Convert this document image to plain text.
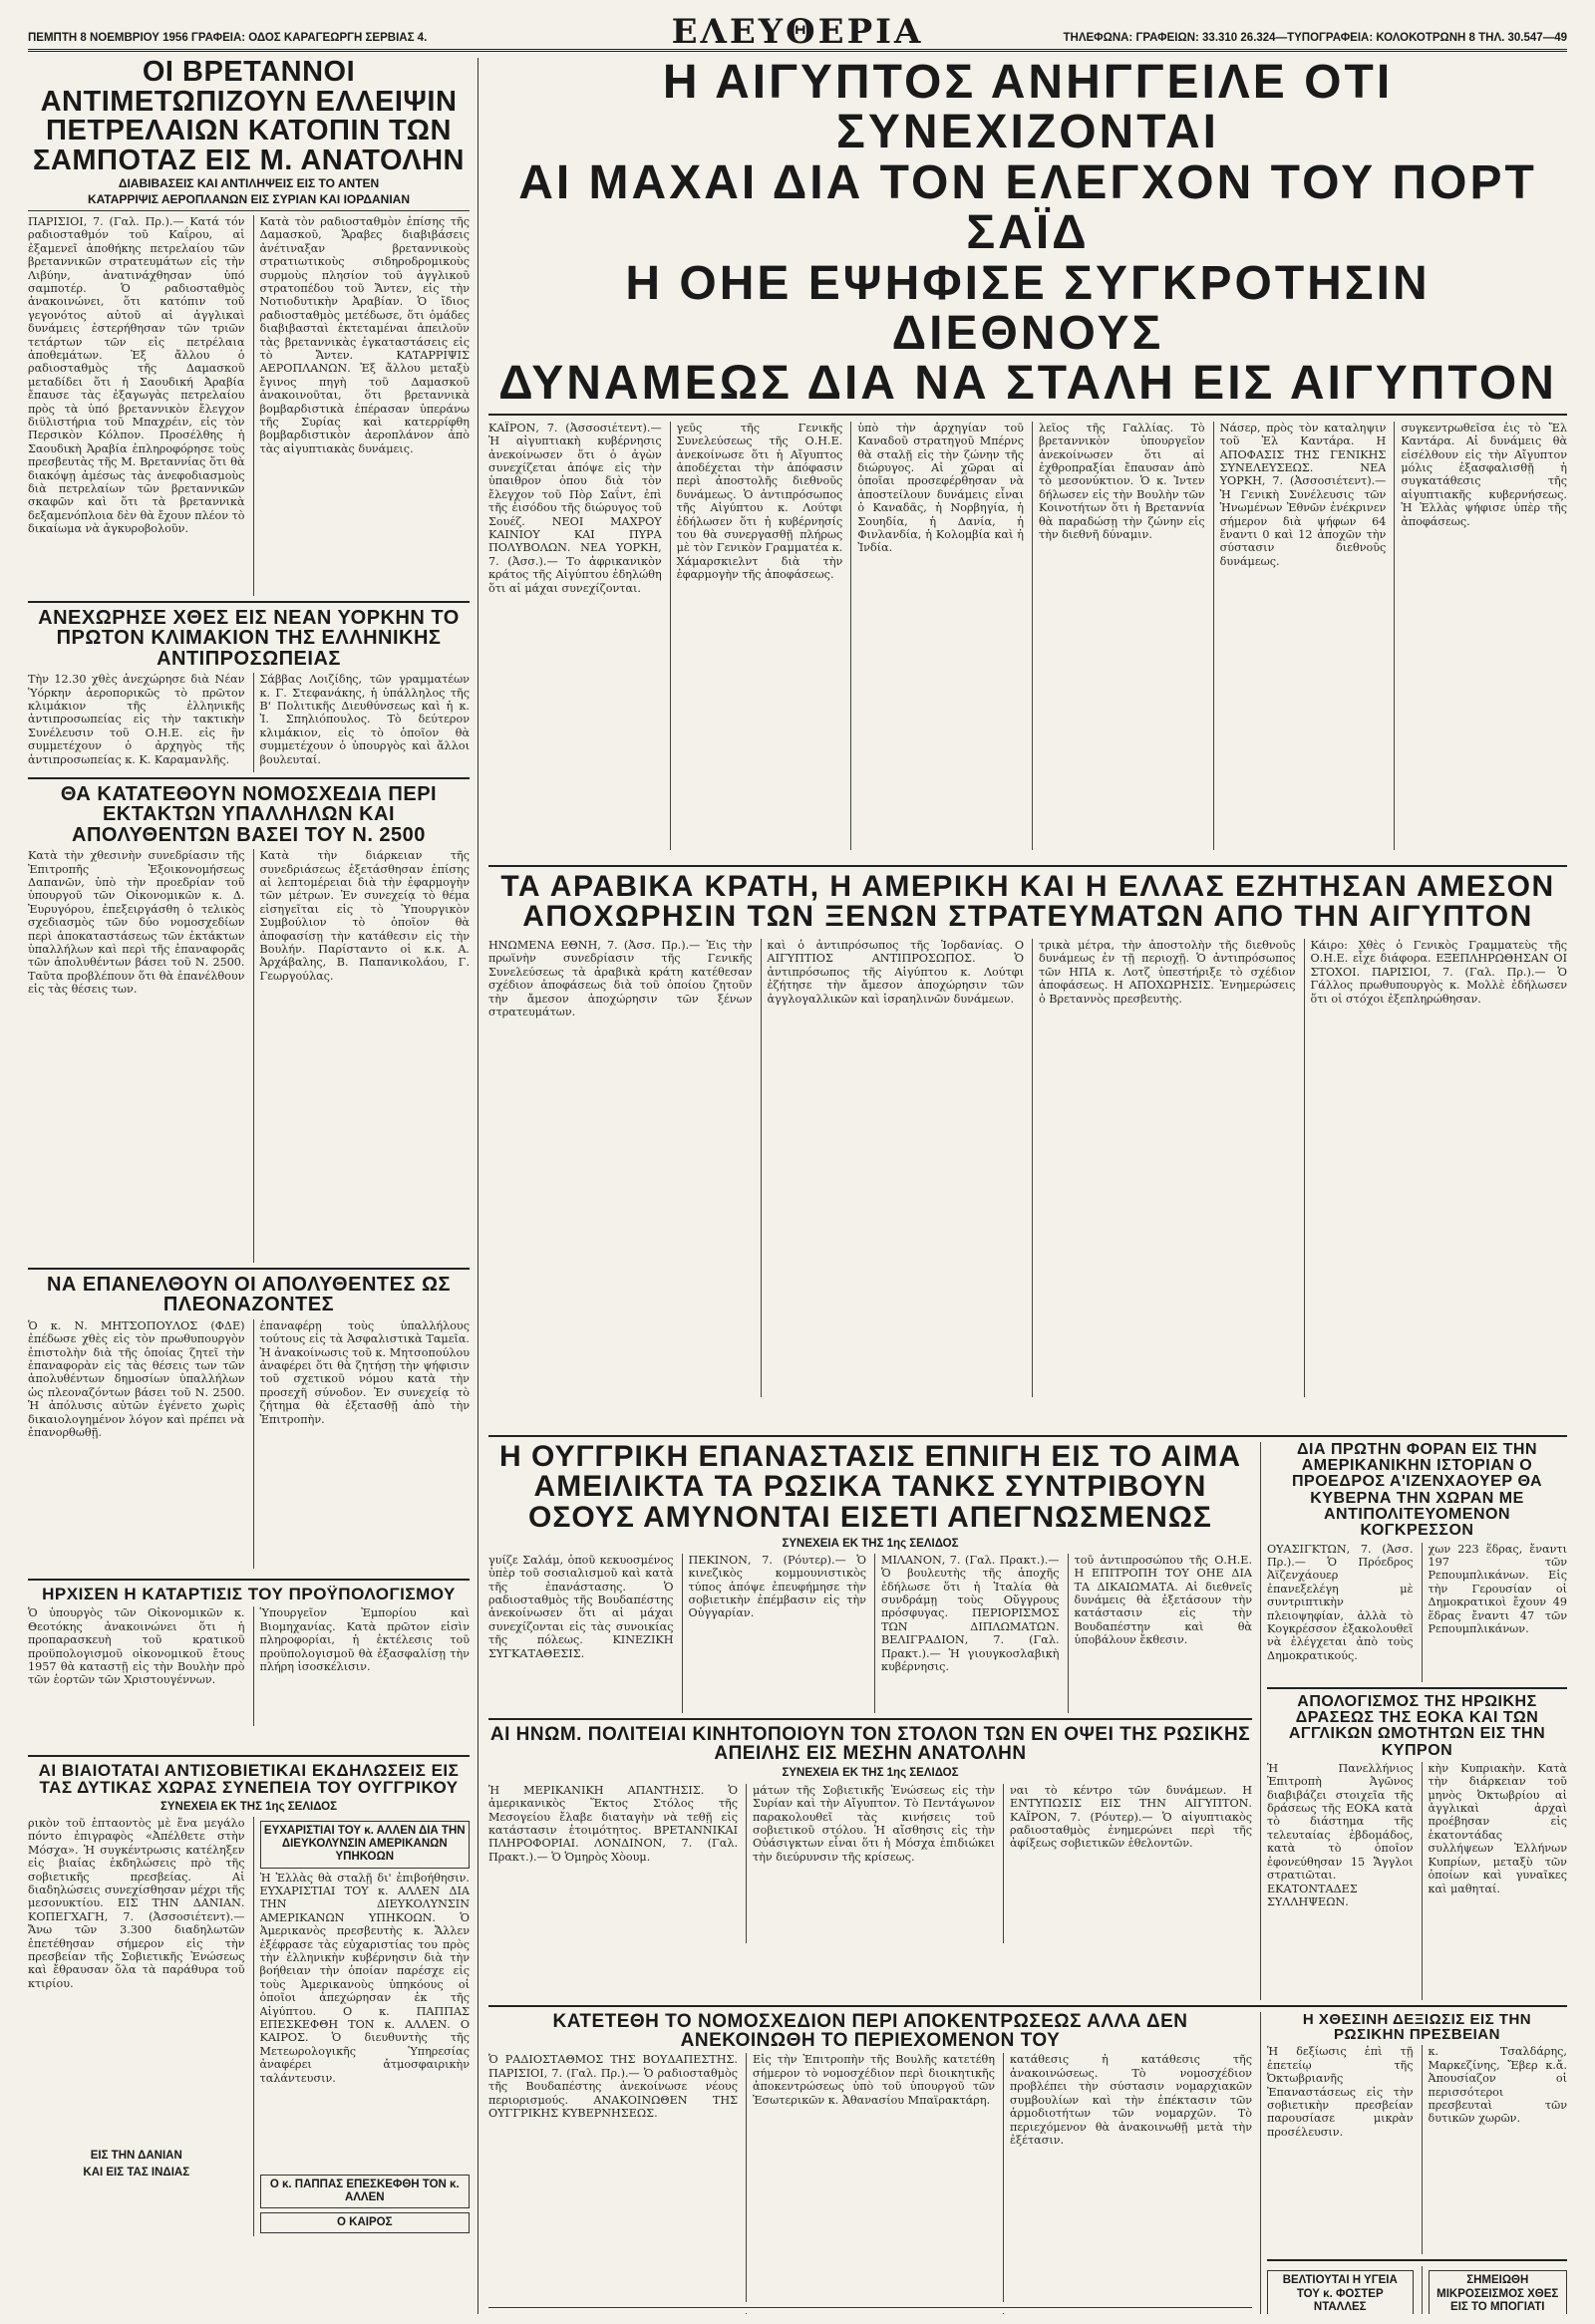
ΠΕΜΠΤΗ 8 ΝΟΕΜΒΡΙΟΥ 1956 ΓΡΑΦΕΙΑ: ΟΔΟΣ ΚΑΡΑΓΕΩΡΓΗ ΣΕΡΒΙΑΣ 4.	ΕΛΕΥΘΕΡΙΑ	ΤΗΛΕΦΩΝΑ: ΓΡΑΦΕΙΩΝ: 33.310 26.324—ΤΥΠΟΓΡΑΦΕΙΑ: ΚΟΛΟΚΟΤΡΩΝΗ 8 ΤΗΛ. 30.547—49
ΟΙ ΒΡΕΤΑΝΝΟΙ ΑΝΤΙΜΕΤΩΠΙΖΟΥΝ ΕΛΛΕΙΨΙΝ ΠΕΤΡΕΛΑΙΩΝ ΚΑΤΟΠΙΝ ΤΩΝ ΣΑΜΠΟΤΑΖ ΕΙΣ Μ. ΑΝΑΤΟΛΗΝ
ΔΙΑΒΙΒΑΣΕΙΣ ΚΑΙ ΑΝΤΙΛΗΨΕΙΣ ΕΙΣ ΤΟ ΑΝΤΕΝ
ΚΑΤΑΡΡΙΨΙΣ ΑΕΡΟΠΛΑΝΩΝ ΕΙΣ ΣΥΡΙΑΝ ΚΑΙ ΙΟΡΔΑΝΙΑΝ
ΠΑΡΙΣΙΟΙ, 7. (Γαλ. Πρ.).— Κατά τόν ραδιοσταθμόν τοῦ Καΐρου, αἱ ἐξαμενεῖ ἀποθήκης πετρελαίου τῶν βρεταννικῶν στρατευμάτων εἰς τὴν Λιβύην, ἀνατινάχθησαν ὑπό σαμποτέρ. Ὁ ραδιοσταθμὸς ἀνακοινώνει, ὅτι κατόπιν τοῦ γεγονότος αὐτοῦ αἱ ἀγγλικαὶ δυνάμεις ἐστερήθησαν τῶν τριῶν τετάρτων τῶν εἰς πετρέλαια ἀποθεμάτων. Ἐξ ἄλλου ὁ ραδιοσταθμὸς τῆς Δαμασκοῦ μεταδίδει ὅτι ἡ Σαουδική Ἀραβία ἔπαυσε τὰς ἐξαγωγὰς πετρελαίου πρὸς τὰ ὑπό βρεταννικὸν ἔλεγχον διϋλιστήρια τοῦ Μπαχρέιν, εἰς τὸν Περσικὸν Κόλπον. Προσέλθης ἡ Σαουδικὴ Ἀραβία ἐπληροφόρησε τοὺς πρεσβευτὰς τῆς Μ. Βρεταννίας ὅτι θὰ διακόψῃ ἀμέσως τὰς ἀνεφοδιασμοὺς διὰ πετρελαίων τῶν βρεταννικῶν σκαφῶν καὶ ὅτι τὰ βρεταννικὰ δεξαμενόπλοια δὲν θὰ ἔχουν πλέον τὸ δικαίωμα νὰ ἀγκυροβολοῦν.
Κατὰ τὸν ραδιοσταθμὸν ἐπίσης τῆς Δαμασκοῦ, Ἄραβες διαβιβάσεις ἀνέτιναξαν βρεταννικοὺς στρατιωτικοὺς σιδηροδρομικοὺς συρμοὺς πλησίον τοῦ ἀγγλικοῦ στρατοπέδου τοῦ Ἄντεν, εἰς τὴν Νοτιοδυτικὴν Ἀραβίαν. Ὁ ἴδιος ραδιοσταθμὸς μετέδωσε, ὅτι ὁμάδες διαβιβασταὶ ἐκτεταμέναι ἀπειλοῦν τὰς βρεταννικὰς ἐγκαταστάσεις εἰς τὸ Ἄντεν. ΚΑΤΑΡΡΙΨΙΣ ΑΕΡΟΠΛΑΝΩΝ. Ἐξ ἄλλου μεταξὺ ἔγινος πηγὴ τοῦ Δαμασκοῦ ἀνακοινοῦται, ὅτι βρεταννικὰ βομβαρδιστικὰ ἐπέρασαν ὑπεράνω τῆς Συρίας καὶ κατερρίφθη βομβαρδιστικὸν ἀεροπλάνον ἀπὸ τὰς αἰγυπτιακὰς δυνάμεις.
ΑΝΕΧΩΡΗΣΕ ΧΘΕΣ ΕΙΣ ΝΕΑΝ ΥΟΡΚΗΝ ΤΟ ΠΡΩΤΟΝ ΚΛΙΜΑΚΙΟΝ ΤΗΣ ΕΛΛΗΝΙΚΗΣ ΑΝΤΙΠΡΟΣΩΠΕΙΑΣ
Τὴν 12.30 χθὲς ἀνεχώρησε διὰ Νέαν Ὑόρκην ἀεροπορικῶς τὸ πρῶτον κλιμάκιον τῆς ἑλληνικῆς ἀντιπροσωπείας εἰς τὴν τακτικὴν Συνέλευσιν τοῦ Ο.Η.Ε. εἰς ἣν συμμετέχουν ὁ ἀρχηγὸς τῆς ἀντιπροσωπείας κ. Κ. Καραμανλῆς.
Σάββας Λοιζίδης, τῶν γραμματέων κ. Γ. Στεφανάκης, ἡ ὑπάλληλος τῆς Β' Πολιτικῆς Διευθύνσεως καὶ ἡ κ. Ἰ. Σπηλιόπουλος. Τὸ δεύτερον κλιμάκιον, εἰς τὸ ὁποῖον θὰ συμμετέχουν ὁ ὑπουργὸς καὶ ἄλλοι βουλευταί.
ΘΑ ΚΑΤΑΤΕΘΟΥΝ ΝΟΜΟΣΧΕΔΙΑ ΠΕΡΙ ΕΚΤΑΚΤΩΝ ΥΠΑΛΛΗΛΩΝ ΚΑΙ ΑΠΟΛΥΘΕΝΤΩΝ ΒΑΣΕΙ ΤΟΥ Ν. 2500
Κατὰ τὴν χθεσινὴν συνεδρίασιν τῆς Ἐπιτροπῆς Ἐξοικονομήσεως Δαπανῶν, ὑπὸ τὴν προεδρίαν τοῦ ὑπουργοῦ τῶν Οἰκονομικῶν κ. Δ. Ἐυρυγόρου, ἐπεξειργάσθη ὁ τελικὸς σχεδιασμὸς τῶν δύο νομοσχεδίων περὶ ἀποκαταστάσεως τῶν ἐκτάκτων ὑπαλλήλων καὶ περὶ τῆς ἐπαναφορᾶς τῶν ἀπολυθέντων βάσει τοῦ Ν. 2500. Ταῦτα προβλέπουν ὅτι θὰ ἐπανέλθουν εἰς τὰς θέσεις των.
Κατὰ τὴν διάρκειαν τῆς συνεδριάσεως ἐξετάσθησαν ἐπίσης αἱ λεπτομέρειαι διὰ τὴν ἐφαρμογὴν τῶν μέτρων. Ἐν συνεχείᾳ τὸ θέμα εἰσηγεῖται εἰς τὸ Ὑπουργικὸν Συμβούλιον τὸ ὁποῖον θὰ ἀποφασίσῃ τὴν κατάθεσιν εἰς τὴν Βουλήν. Παρίσταντο οἱ κ.κ. Α. Ἀρχάβαλης, Β. Παπανικολάου, Γ. Γεωργούλας.
ΝΑ ΕΠΑΝΕΛΘΟΥΝ ΟΙ ΑΠΟΛΥΘΕΝΤΕΣ ΩΣ ΠΛΕΟΝΑΖΟΝΤΕΣ
Ὁ κ. Ν. ΜΗΤΣΟΠΟΥΛΟΣ (ΦΔΕ) ἐπέδωσε χθὲς εἰς τὸν πρωθυπουργὸν ἐπιστολὴν διὰ τῆς ὁποίας ζητεῖ τὴν ἐπαναφορὰν εἰς τὰς θέσεις των τῶν ἀπολυθέντων δημοσίων ὑπαλλήλων ὡς πλεοναζόντων βάσει τοῦ Ν. 2500. Ἡ ἀπόλυσις αὐτῶν ἐγένετο χωρὶς δικαιολογημένον λόγον καὶ πρέπει νὰ ἐπανορθωθῇ.
ἐπαναφέρῃ τοὺς ὑπαλλήλους τούτους εἰς τὰ Ἀσφαλιστικὰ Ταμεῖα. Ἡ ἀνακοίνωσις τοῦ κ. Μητσοπούλου ἀναφέρει ὅτι θὰ ζητήσῃ τὴν ψήφισιν τοῦ σχετικοῦ νόμου κατὰ τὴν προσεχῆ σύνοδον. Ἐν συνεχείᾳ τὸ ζήτημα θὰ ἐξετασθῇ ἀπὸ τὴν Ἐπιτροπὴν.
ΗΡΧΙΣΕΝ Η ΚΑΤΑΡΤΙΣΙΣ ΤΟΥ ΠΡΟΫΠΟΛΟΓΙΣΜΟΥ
Ὁ ὑπουργὸς τῶν Οἰκονομικῶν κ. Θεοτόκης ἀνακοινώνει ὅτι ἡ προπαρασκευὴ τοῦ κρατικοῦ προϋπολογισμοῦ οἰκονομικοῦ ἔτους 1957 θὰ καταστῇ εἰς τὴν Βουλὴν πρὸ τῶν ἑορτῶν τῶν Χριστουγέννων.
Ὑπουργεῖον Ἐμπορίου καὶ Βιομηχανίας. Κατὰ πρῶτον εἰσὶν πληροφορίαι, ἡ ἐκτέλεσις τοῦ προϋπολογισμοῦ θὰ ἐξασφαλίσῃ τὴν πλήρη ἰσοσκέλισιν.
ΑΙ ΒΙΑΙΟΤΑΤΑΙ ΑΝΤΙΣΟΒΙΕΤΙΚΑΙ ΕΚΔΗΛΩΣΕΙΣ ΕΙΣ ΤΑΣ ΔΥΤΙΚΑΣ ΧΩΡΑΣ ΣΥΝΕΠΕΙΑ ΤΟΥ ΟΥΓΓΡΙΚΟΥ
ΣΥΝΕΧΕΙΑ ΕΚ ΤΗΣ 1ης ΣΕΛΙΔΟΣ
ρικὸν τοῦ ἑπταοντὸς μὲ ἕνα μεγάλο πόντο ἐπιγραφὸς «Ἀπέλθετε στὴν Μόσχα». Ἡ συγκέντρωσις κατέληξεν εἰς βιαίας ἐκδηλώσεις πρὸ τῆς σοβιετικῆς πρεσβείας. Αἱ διαδηλώσεις συνεχίσθησαν μέχρι τῆς μεσονυκτίου. ΕΙΣ ΤΗΝ ΔΑΝΙΑΝ. ΚΟΠΕΓΧΑΓΗ, 7. (Ἀσσοσιέτεντ).— Ἄνω τῶν 3.300 διαδηλωτῶν ἐπετέθησαν σήμερον εἰς τὴν πρεσβείαν τῆς Σοβιετικῆς Ἑνώσεως καὶ ἔθραυσαν ὅλα τὰ παράθυρα τοῦ κτιρίου.
ΕΙΣ ΤΗΝ ΔΑΝΙΑΝ
ΚΑΙ ΕΙΣ ΤΑΣ ΙΝΔΙΑΣ
ΕΥΧΑΡΙΣΤΙΑΙ ΤΟΥ κ. ΑΛΛΕΝ ΔΙΑ ΤΗΝ ΔΙΕΥΚΟΛΥΝΣΙΝ ΑΜΕΡΙΚΑΝΩΝ ΥΠΗΚΟΩΝ
Ἡ Ἑλλὰς θὰ σταλῇ δι' ἐπιβοήθησιν. ΕΥΧΑΡΙΣΤΙΑΙ ΤΟΥ κ. ΑΛΛΕΝ ΔΙΑ ΤΗΝ ΔΙΕΥΚΟΛΥΝΣΙΝ ΑΜΕΡΙΚΑΝΩΝ ΥΠΗΚΟΩΝ. Ὁ Ἀμερικανὸς πρεσβευτὴς κ. Ἄλλεν ἐξέφρασε τὰς εὐχαριστίας του πρὸς τὴν ἑλληνικὴν κυβέρνησιν διὰ τὴν βοήθειαν τὴν ὁποίαν παρέσχε εἰς τοὺς Ἀμερικανοὺς ὑπηκόους οἱ ὁποῖοι ἀπεχώρησαν ἐκ τῆς Αἰγύπτου. Ο κ. ΠΑΠΠΑΣ ΕΠΕΣΚΕΦΘΗ ΤΟΝ κ. ΑΛΛΕΝ. Ο ΚΑΙΡΟΣ. Ὁ διευθυντὴς τῆς Μετεωρολογικῆς Ὑπηρεσίας ἀναφέρει ἀτμοσφαιρικὴν ταλάντευσιν.
Ο κ. ΠΑΠΠΑΣ ΕΠΕΣΚΕΦΘΗ ΤΟΝ κ. ΑΛΛΕΝ
Ο ΚΑΙΡΟΣ
Η ΑΙΓΥΠΤΟΣ ΑΝΗΓΓΕΙΛΕ ΟΤΙ ΣΥΝΕΧΙΖΟΝΤΑΙ
ΑΙ ΜΑΧΑΙ ΔΙΑ ΤΟΝ ΕΛΕΓΧΟΝ ΤΟΥ ΠΟΡΤ ΣΑΪΔ
Η ΟΗΕ ΕΨΗΦΙΣΕ ΣΥΓΚΡΟΤΗΣΙΝ ΔΙΕΘΝΟΥΣ
ΔΥΝΑΜΕΩΣ ΔΙΑ ΝΑ ΣΤΑΛΗ ΕΙΣ ΑΙΓΥΠΤΟΝ
ΚΑΪΡΟΝ, 7. (Ἀσσοσιέτεντ).— Ἡ αἰγυπτιακὴ κυβέρνησις ἀνεκοίνωσεν ὅτι ὁ ἀγὼν συνεχίζεται ἀπόψε εἰς τὴν ὑπαιθρον ὁπου διὰ τὸν ἔλεγχον τοῦ Πὸρ Σαΐντ, ἐπὶ τῆς ἐισόδου τῆς διώρυγος τοῦ Σουέζ. ΝΕΟΙ ΜΑΧΡΟΥ ΚΑΙΝΙΟΥ ΚΑΙ ΠΥΡΑ ΠΟΛΥΒΟΛΩΝ. ΝΕΑ ΥΟΡΚΗ, 7. (Ἀσσ.).— Το ἀφρικανικὸν κράτος τῆς Αἰγύπτου ἐδηλώθη ὅτι αἱ μάχαι συνεχίζονται.
γεῦς τῆς Γενικῆς Συνελεύσεως τῆς Ο.Η.Ε. ἀνεκοίνωσε ὅτι ἡ Αἴγυπτος ἀποδέχεται τὴν ἀπόφασιν περὶ ἀποστολῆς διεθνοῦς δυνάμεως. Ὁ ἀντιπρόσωπος τῆς Αἰγύπτου κ. Λούτφι ἐδήλωσεν ὅτι ἡ κυβέρνησίς του θὰ συνεργασθῇ πλήρως μὲ τὸν Γενικὸν Γραμματέα κ. Χάμαρσκιελντ διὰ τὴν ἐφαρμογὴν τῆς ἀποφάσεως.
ὑπὸ τὴν ἀρχηγίαν τοῦ Καναδοῦ στρατηγοῦ Μπέρνς θὰ σταλῇ εἰς τὴν ζώνην τῆς διώρυγος. Αἱ χῶραι αἱ ὁποῖαι προσεφέρθησαν νὰ ἀποστείλουν δυνάμεις εἶναι ὁ Καναδᾶς, ἡ Νορβηγία, ἡ Σουηδία, ἡ Δανία, ἡ Φινλανδία, ἡ Κολομβία καὶ ἡ Ἰνδία.
λεῖος τῆς Γαλλίας. Τὸ βρεταννικὸν ὑπουργεῖον ἀνεκοίνωσεν ὅτι αἱ ἐχθροπραξίαι ἔπαυσαν ἀπὸ τὸ μεσονύκτιον. Ὁ κ. Ἰντεν δήλωσεν εἰς τὴν Βουλὴν τῶν Κοινοτήτων ὅτι ἡ Βρεταννία θὰ παραδώσῃ τὴν ζώνην εἰς τὴν διεθνῆ δύναμιν.
Νάσερ, πρὸς τὸν καταληψιν τοῦ Ἑλ Καντάρα. Η ΑΠΟΦΑΣΙΣ ΤΗΣ ΓΕΝΙΚΗΣ ΣΥΝΕΛΕΥΣΕΩΣ. ΝΕΑ ΥΟΡΚΗ, 7. (Ἀσσοσιέτεντ).— Ἡ Γενικὴ Συνέλευσις τῶν Ἡνωμένων Ἐθνῶν ἐνέκρινεν σήμερον διὰ ψήφων 64 ἔναντι 0 καὶ 12 ἀποχῶν τὴν σύστασιν διεθνοῦς δυνάμεως.
συγκεντρωθεῖσα ἐις τὸ Ἔλ Καντάρα. Αἱ δυνάμεις θὰ εἰσέλθουν εἰς τὴν Αἴγυπτον μόλις ἐξασφαλισθῇ ἡ συγκατάθεσις τῆς αἰγυπτιακῆς κυβερνήσεως. Ἡ Ἑλλὰς ψήφισε ὑπὲρ τῆς ἀποφάσεως.
ΤΑ ΑΡΑΒΙΚΑ ΚΡΑΤΗ, Η ΑΜΕΡΙΚΗ ΚΑΙ Η ΕΛΛΑΣ ΕΖΗΤΗΣΑΝ ΑΜΕΣΟΝ ΑΠΟΧΩΡΗΣΙΝ ΤΩΝ ΞΕΝΩΝ ΣΤΡΑΤΕΥΜΑΤΩΝ ΑΠΟ ΤΗΝ ΑΙΓΥΠΤΟΝ
ΗΝΩΜΕΝΑ ΕΘΝΗ, 7. (Ἀσσ. Πρ.).— Ἐις τὴν πρωϊνὴν συνεδρίασιν τῆς Γενικῆς Συνελεύσεως τὰ ἀραβικὰ κράτη κατέθεσαν σχέδιον ἀποφάσεως διὰ τοῦ ὁποίου ζητοῦν τὴν ἄμεσον ἀποχώρησιν τῶν ξένων στρατευμάτων.
καὶ ὁ ἀντιπρόσωπος τῆς Ἰορδανίας. Ο ΑΙΓΥΠΤΙΟΣ ΑΝΤΙΠΡΟΣΩΠΟΣ. Ὁ ἀντιπρόσωπος τῆς Αἰγύπτου κ. Λούτφι ἐζήτησε τὴν ἄμεσον ἀποχώρησιν τῶν ἀγγλογαλλικῶν καὶ ἰσραηλινῶν δυνάμεων.
τρικὰ μέτρα, τὴν ἀποστολὴν τῆς διεθνοῦς δυνάμεως ἐν τῇ περιοχῇ. Ὁ ἀντιπρόσωπος τῶν ΗΠΑ κ. Λοτζ ὑπεστήριξε τὸ σχέδιον ἀποφάσεως. Η ΑΠΟΧΩΡΗΣΙΣ. Ἐνημερώσεις ὁ Βρεταννὸς πρεσβευτὴς.
Κάιρο: Χθὲς ὁ Γενικὸς Γραμματεὺς τῆς Ο.Η.Ε. εἶχε διάφορα. ΕΞΕΠΛΗΡΩΘΗΣΑΝ ΟΙ ΣΤΟΧΟΙ. ΠΑΡΙΣΙΟΙ, 7. (Γαλ. Πρ.).— Ὁ Γάλλος πρωθυπουργὸς κ. Μολλὲ ἐδήλωσεν ὅτι οἱ στόχοι ἐξεπληρώθησαν.
Η ΟΥΓΓΡΙΚΗ ΕΠΑΝΑΣΤΑΣΙΣ ΕΠΝΙΓΗ ΕΙΣ ΤΟ ΑΙΜΑ
ΑΜΕΙΛΙΚΤΑ ΤΑ ΡΩΣΙΚΑ ΤΑΝΚΣ ΣΥΝΤΡΙΒΟΥΝ
ΟΣΟΥΣ ΑΜΥΝΟΝΤΑΙ ΕΙΣΕΤΙ ΑΠΕΓΝΩΣΜΕΝΩΣ
ΣΥΝΕΧΕΙΑ ΕΚ ΤΗΣ 1ης ΣΕΛΙΔΟΣ
γυίζε Σαλάμ, ὁποῦ κεκυοσμένος ὑπὲρ τοῦ σοσιαλισμοῦ καὶ κατὰ τῆς ἐπανάστασης. Ὁ ραδιοσταθμὸς τῆς Βουδαπέστης ἀνεκοίνωσεν ὅτι αἱ μάχαι συνεχίζονται εἰς τὰς συνοικίας τῆς πόλεως. ΚΙΝΕΖΙΚΗ ΣΥΓΚΑΤΑΘΕΣΙΣ.
ΠΕΚΙΝΟΝ, 7. (Ρόυτερ).— Ὁ κινεζικὸς κομμουνιστικὸς τύπος ἀπόψε ἐπευφήμησε τὴν σοβιετικὴν ἐπέμβασιν εἰς τὴν Οὐγγαρίαν.
ΜΙΛΑΝΟΝ, 7. (Γαλ. Πρακτ.).— Ὁ βουλευτὴς τῆς ἀποχῆς ἐδήλωσε ὅτι ἡ Ἰταλία θὰ συνδράμῃ τοὺς Οὔγγρους πρόσφυγας. ΠΕΡΙΟΡΙΣΜΟΣ ΤΩΝ ΔΙΠΛΩΜΑΤΩΝ. ΒΕΛΙΓΡΑΔΙΟΝ, 7. (Γαλ. Πρακτ.).— Ἡ γιουγκοσλαβικὴ κυβέρνησις.
τοῦ ἀντιπροσώπου τῆς Ο.Η.Ε. Η ΕΠΙΤΡΟΠΗ ΤΟΥ ΟΗΕ ΔΙΑ ΤΑ ΔΙΚΑΙΩΜΑΤΑ. Αἱ διεθνεῖς δυνάμεις θὰ ἐξετάσουν τὴν κατάστασιν εἰς τὴν Βουδαπέστην καὶ θὰ ὑποβάλουν ἔκθεσιν.
ΑΙ ΗΝΩΜ. ΠΟΛΙΤΕΙΑΙ ΚΙΝΗΤΟΠΟΙΟΥΝ ΤΟΝ ΣΤΟΛΟΝ ΤΩΝ ΕΝ ΟΨΕΙ ΤΗΣ ΡΩΣΙΚΗΣ ΑΠΕΙΛΗΣ ΕΙΣ ΜΕΣΗΝ ΑΝΑΤΟΛΗΝ
ΣΥΝΕΧΕΙΑ ΕΚ ΤΗΣ 1ης ΣΕΛΙΔΟΣ
Ἡ ΜΕΡΙΚΑΝΙΚΗ ΑΠΑΝΤΗΣΙΣ. Ὁ ἀμερικανικὸς Ἕκτος Στόλος τῆς Μεσογείου ἔλαβε διαταγὴν νὰ τεθῇ εἰς κατάστασιν ἑτοιμότητος. ΒΡΕΤΑΝΝΙΚΑΙ ΠΛΗΡΟΦΟΡΙΑΙ. ΛΟΝΔΙΝΟΝ, 7. (Γαλ. Πρακτ.).— Ὁ Ὁμηρὸς Χὸουμ.
μάτων τῆς Σοβιετικῆς Ἑνώσεως εἰς τὴν Συρίαν καὶ τὴν Αἴγυπτον. Τὸ Πεντάγωνον παρακολουθεῖ τὰς κινήσεις τοῦ σοβιετικοῦ στόλου. Ἡ αἴσθησις εἰς τὴν Οὐάσιγκτων εἶναι ὅτι ἡ Μόσχα ἐπιδιώκει τὴν διεύρυνσιν τῆς κρίσεως.
ναι τὸ κέντρο τῶν δυνάμεων. Η ΕΝΤΥΠΩΣΙΣ ΕΙΣ ΤΗΝ ΑΙΓΥΠΤΟΝ. ΚΑΪΡΟΝ, 7. (Ρόυτερ).— Ὁ αἰγυπτιακὸς ραδιοσταθμὸς ἐνημερώνει περὶ τῆς ἀφίξεως σοβιετικῶν ἐθελοντῶν.
ΔΙΑ ΠΡΩΤΗΝ ΦΟΡΑΝ ΕΙΣ ΤΗΝ ΑΜΕΡΙΚΑΝΙΚΗΝ ΙΣΤΟΡΙΑΝ Ο ΠΡΟΕΔΡΟΣ Α'ΙΖΕΝΧΑΟΥΕΡ ΘΑ ΚΥΒΕΡΝΑ ΤΗΝ ΧΩΡΑΝ ΜΕ ΑΝΤΙΠΟΛΙΤΕΥΟΜΕΝΟΝ ΚΟΓΚΡΕΣΣΟΝ
ΟΥΑΣΙΓΚΤΩΝ, 7. (Ἀσσ. Πρ.).— Ὁ Πρόεδρος Ἀϊζενχάουερ ἐπανεξελέγη μὲ συντριπτικὴν πλειοψηφίαν, ἀλλὰ τὸ Κογκρέσσον ἐξακολουθεῖ νὰ ἐλέγχεται ἀπὸ τοὺς Δημοκρατικούς.
χων 223 ἕδρας, ἔναντι 197 τῶν Ρεπουμπλικάνων. Εἰς τὴν Γερουσίαν οἱ Δημοκρατικοὶ ἔχουν 49 ἕδρας ἔναντι 47 τῶν Ρεπουμπλικάνων.
ΑΠΟΛΟΓΙΣΜΟΣ ΤΗΣ ΗΡΩΙΚΗΣ ΔΡΑΣΕΩΣ ΤΗΣ ΕΟΚΑ ΚΑΙ ΤΩΝ ΑΓΓΛΙΚΩΝ ΩΜΟΤΗΤΩΝ ΕΙΣ ΤΗΝ ΚΥΠΡΟΝ
Ἡ Πανελλήνιος Ἐπιτροπὴ Ἀγῶνος διαβιβάζει στοιχεῖα τῆς δράσεως τῆς ΕΟΚΑ κατὰ τὸ διάστημα τῆς τελευταίας ἑβδομάδος, κατὰ τὸ ὁποῖον ἐφονεύθησαν 15 Ἄγγλοι στρατιῶται. ΕΚΑΤΟΝΤΑΔΕΣ ΣΥΛΛΗΨΕΩΝ.
κὴν Κυπριακὴν. Κατὰ τὴν διάρκειαν τοῦ μηνὸς Ὀκτωβρίου αἱ ἀγγλικαὶ ἀρχαὶ προέβησαν εἰς ἑκατοντάδας συλλήψεων Ἑλλήνων Κυπρίων, μεταξὺ τῶν ὁποίων καὶ γυναῖκες καὶ μαθηταί.
ΚΑΤΕΤΕΘΗ ΤΟ ΝΟΜΟΣΧΕΔΙΟΝ ΠΕΡΙ ΑΠΟΚΕΝΤΡΩΣΕΩΣ ΑΛΛΑ ΔΕΝ ΑΝΕΚΟΙΝΩΘΗ ΤΟ ΠΕΡΙΕΧΟΜΕΝΟΝ ΤΟΥ
Ὁ ΡΑΔΙΟΣΤΑΘΜΟΣ ΤΗΣ ΒΟΥΔΑΠΕΣΤΗΣ. ΠΑΡΙΣΙΟΙ, 7. (Γαλ. Πρ.).— Ὁ ραδιοσταθμὸς τῆς Βουδαπέστης ἀνεκοίνωσε νέους περιορισμούς. ΑΝΑΚΟΙΝΩΘΕΝ ΤΗΣ ΟΥΓΓΡΙΚΗΣ ΚΥΒΕΡΝΗΣΕΩΣ.
Εἰς τὴν Ἐπιτροπὴν τῆς Βουλῆς κατετέθη σήμερον τὸ νομοσχέδιον περὶ διοικητικῆς ἀποκεντρώσεως ὑπὸ τοῦ ὑπουργοῦ τῶν Ἐσωτερικῶν κ. Ἀθανασίου Μπαϊρακτάρη.
κατάθεσις ἡ κατάθεσις τῆς ἀνακοινώσεως. Τὸ νομοσχέδιον προβλέπει τὴν σύστασιν νομαρχιακῶν συμβουλίων καὶ τὴν ἐπέκτασιν τῶν ἁρμοδιοτήτων τῶν νομαρχῶν. Τὸ περιεχόμενον θὰ ἀνακοινωθῇ μετὰ τὴν ἐξέτασιν.
Η ΧΘΕΣΙΝΗ ΔΕΞΙΩΣΙΣ ΕΙΣ ΤΗΝ ΡΩΣΙΚΗΝ ΠΡΕΣΒΕΙΑΝ
Ἡ δεξίωσις ἐπὶ τῇ ἐπετείῳ τῆς Ὀκτωβριανῆς Ἐπαναστάσεως εἰς τὴν σοβιετικὴν πρεσβείαν παρουσίασε μικρὰν προσέλευσιν.
κ. Τσαλδάρης, Μαρκεζίνης, Ἔβερ κ.ἄ. Ἀπουσίαζον οἱ περισσότεροι πρεσβευταὶ τῶν δυτικῶν χωρῶν.
ΒΕΛΤΙΟΥΤΑΙ Η ΥΓΕΙΑ ΤΟΥ κ. ΦΟΣΤΕΡ ΝΤΑΛΛΕΣ
ΣΗΜΕΙΩΘΗ ΜΙΚΡΟΣΕΙΣΜΟΣ ΧΘΕΣ ΕΙΣ ΤΟ ΜΠΟΓΙΑΤΙ
